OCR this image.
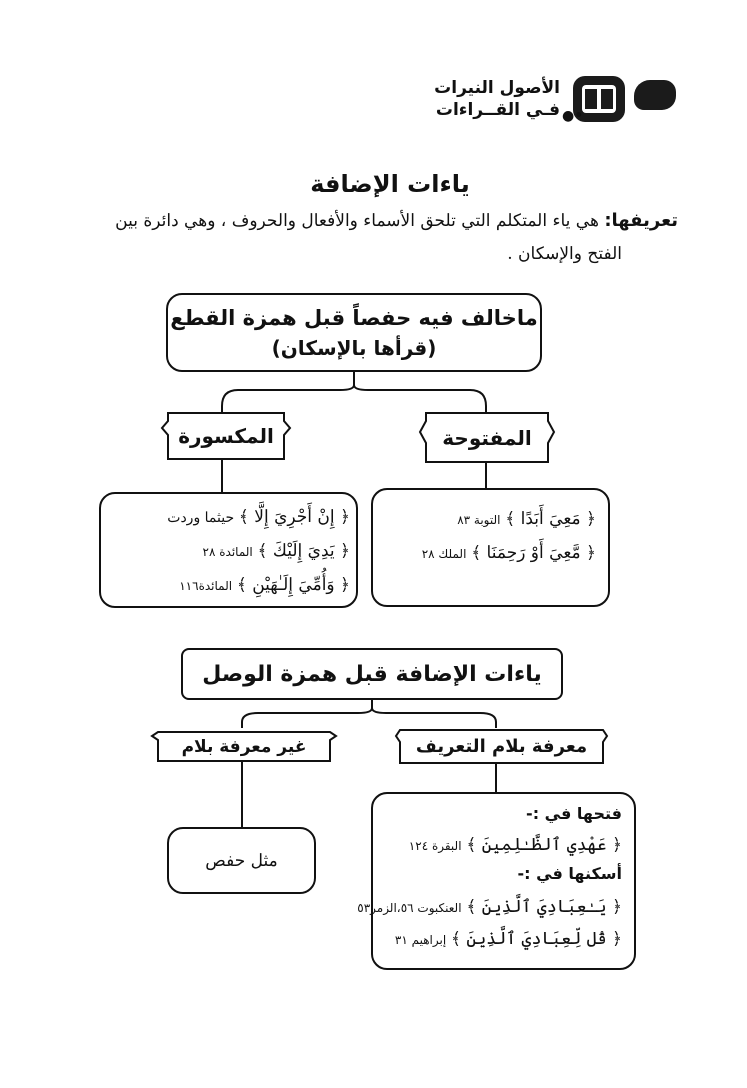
●•
الأصول النيرات
فـي القــراءات
ياءات الإضافة
تعريفها: هي ياء المتكلم التي تلحق الأسماء والأفعال والحروف ، وهي دائرة بين
الفتح والإسكان .
ماخالف فيه حفصاً قبل همزة القطع
(قرأها بالإسكان)
المكسورة	المفتوحة
﴿ مَعِيَ أَبَدًا ﴾ التوبة ٨٣
﴿ مَّعِيَ أَوْ رَحِمَنَا ﴾ الملك ٢٨
﴿ إِنْ أَجْرِيَ إِلَّا ﴾ حيثما وردت
﴿ يَدِيَ إِلَيْكَ ﴾ المائدة ٢٨
﴿ وَأُمِّيَ إِلَـٰهَيْنِ ﴾ المائدة١١٦
ياءات الإضافة قبل همزة الوصل
غير معرفة بلام	معرفة بلام التعريف
مثل حفص
فتحها في :-
﴿ عَهْدِي ٱلظَّـٰلِمِينَ ﴾ البقرة ١٢٤
أسكنها في :-
﴿ يَـٰعِبَادِيَ ٱلَّذِينَ ﴾ العنكبوت ٥٦،الزمر٥٣
﴿ قُل لِّعِبَادِيَ ٱلَّذِينَ ﴾ إبراهيم ٣١
